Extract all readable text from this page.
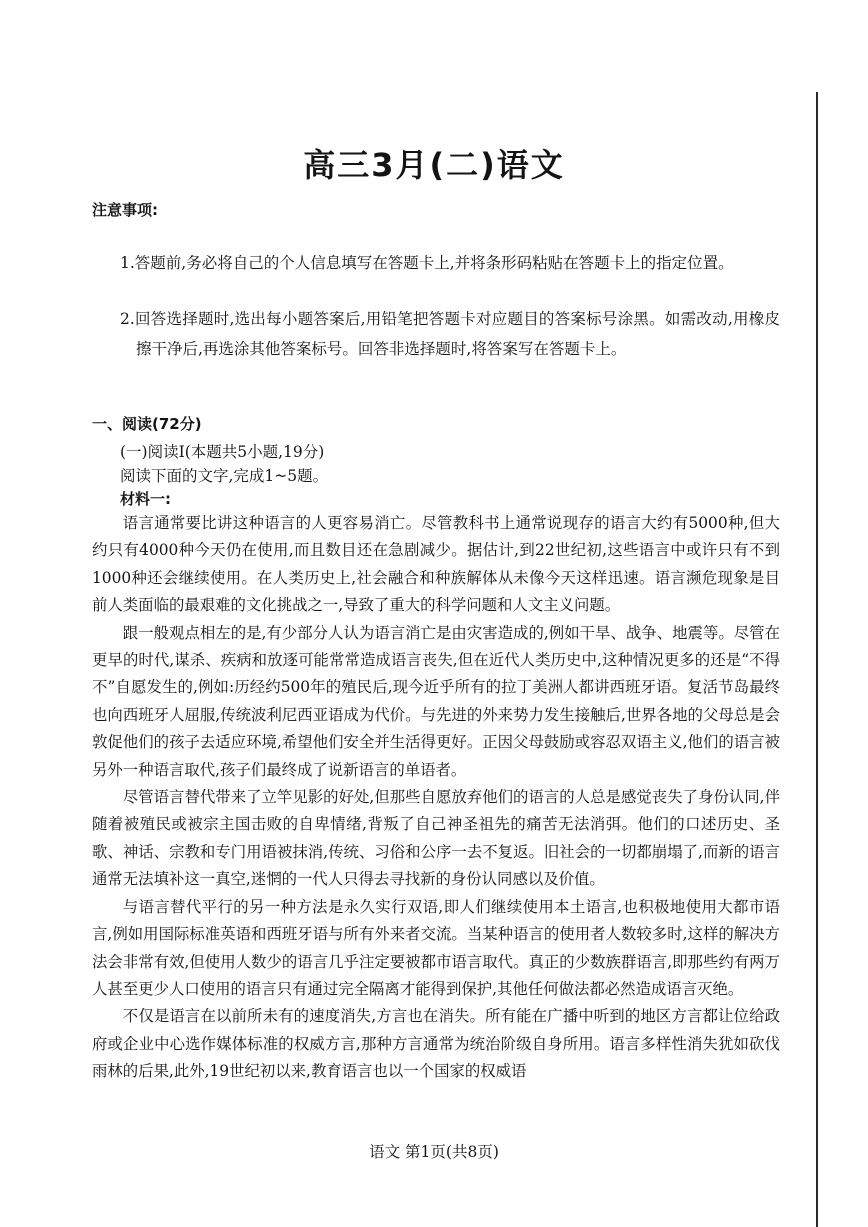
高三3月(二)语文
注意事项:
1.答题前,务必将自己的个人信息填写在答题卡上,并将条形码粘贴在答题卡上的指定位置。
2.回答选择题时,选出每小题答案后,用铅笔把答题卡对应题目的答案标号涂黑。如需改动,用橡皮擦干净后,再选涂其他答案标号。回答非选择题时,将答案写在答题卡上。
一、阅读(72分)
(一)阅读Ⅰ(本题共5小题,19分)
阅读下面的文字,完成1~5题。
材料一:

语言通常要比讲这种语言的人更容易消亡。尽管教科书上通常说现存的语言大约有5000种,但大约只有4000种今天仍在使用,而且数目还在急剧减少。据估计,到22世纪初,这些语言中或许只有不到1000种还会继续使用。在人类历史上,社会融合和种族解体从未像今天这样迅速。语言濒危现象是目前人类面临的最艰难的文化挑战之一,导致了重大的科学问题和人文主义问题。

跟一般观点相左的是,有少部分人认为语言消亡是由灾害造成的,例如干旱、战争、地震等。尽管在更早的时代,谋杀、疾病和放逐可能常常造成语言丧失,但在近代人类历史中,这种情况更多的还是“不得不”自愿发生的,例如:历经约500年的殖民后,现今近乎所有的拉丁美洲人都讲西班牙语。复活节岛最终也向西班牙人屈服,传统波利尼西亚语成为代价。与先进的外来势力发生接触后,世界各地的父母总是会敦促他们的孩子去适应环境,希望他们安全并生活得更好。正因父母鼓励或容忍双语主义,他们的语言被另外一种语言取代,孩子们最终成了说新语言的单语者。

尽管语言替代带来了立竿见影的好处,但那些自愿放弃他们的语言的人总是感觉丧失了身份认同,伴随着被殖民或被宗主国击败的自卑情绪,背叛了自己神圣祖先的痛苦无法消弭。他们的口述历史、圣歌、神话、宗教和专门用语被抹消,传统、习俗和公序一去不复返。旧社会的一切都崩塌了,而新的语言通常无法填补这一真空,迷惘的一代人只得去寻找新的身份认同感以及价值。

与语言替代平行的另一种方法是永久实行双语,即人们继续使用本土语言,也积极地使用大都市语言,例如用国际标准英语和西班牙语与所有外来者交流。当某种语言的使用者人数较多时,这样的解决方法会非常有效,但使用人数少的语言几乎注定要被都市语言取代。真正的少数族群语言,即那些约有两万人甚至更少人口使用的语言只有通过完全隔离才能得到保护,其他任何做法都必然造成语言灭绝。

不仅是语言在以前所未有的速度消失,方言也在消失。所有能在广播中听到的地区方言都让位给政府或企业中心选作媒体标准的权威方言,那种方言通常为统治阶级自身所用。语言多样性消失犹如砍伐雨林的后果,此外,19世纪初以来,教育语言也以一个国家的权威语

语文 第1页(共8页)
